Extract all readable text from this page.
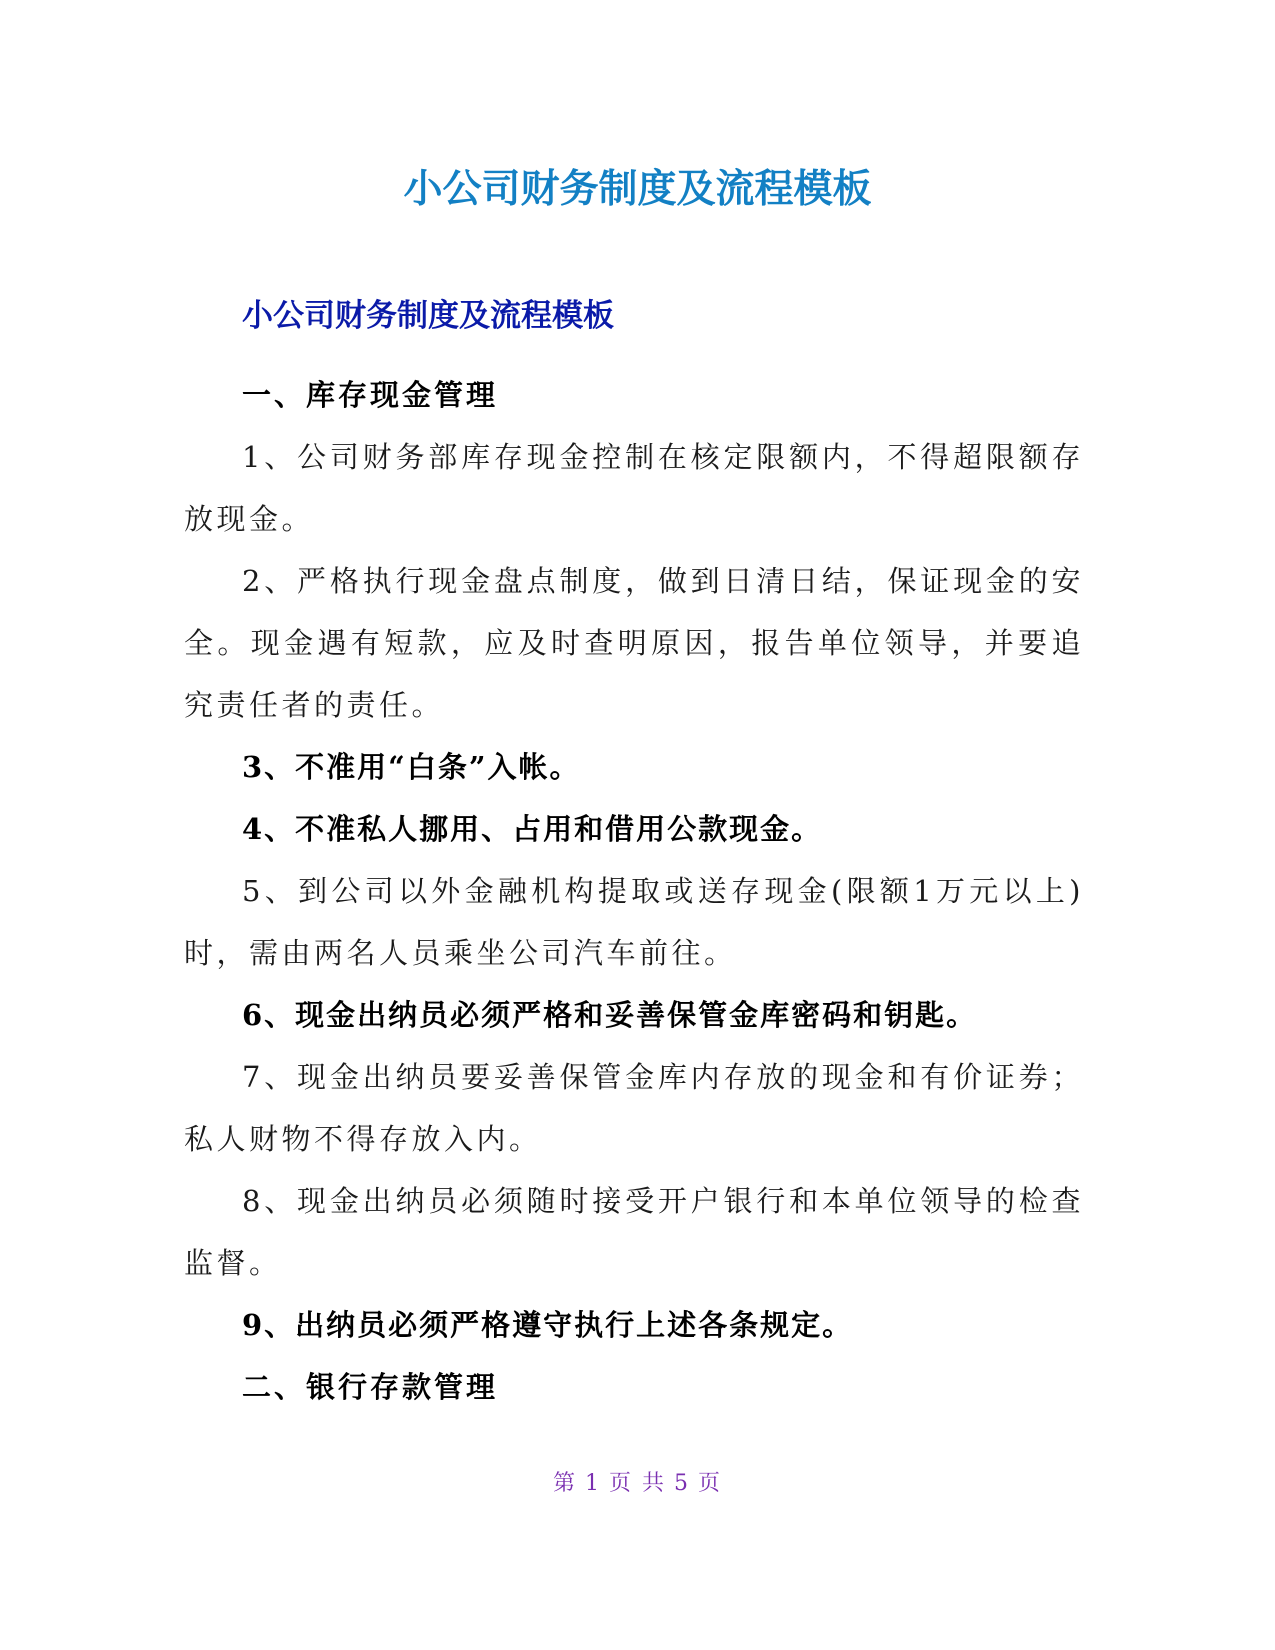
小公司财务制度及流程模板
小公司财务制度及流程模板

一、库存现金管理

1、公司财务部库存现金控制在核定限额内，不得超限额存放现金。

2、严格执行现金盘点制度，做到日清日结，保证现金的安全。现金遇有短款，应及时查明原因，报告单位领导，并要追究责任者的责任。

3、不准用“白条”入帐。

4、不准私人挪用、占用和借用公款现金。

5、到公司以外金融机构提取或送存现金(限额1万元以上)时，需由两名人员乘坐公司汽车前往。

6、现金出纳员必须严格和妥善保管金库密码和钥匙。

7、现金出纳员要妥善保管金库内存放的现金和有价证券；私人财物不得存放入内。

8、现金出纳员必须随时接受开户银行和本单位领导的检查监督。

9、出纳员必须严格遵守执行上述各条规定。

二、银行存款管理

第 1 页 共 5 页
